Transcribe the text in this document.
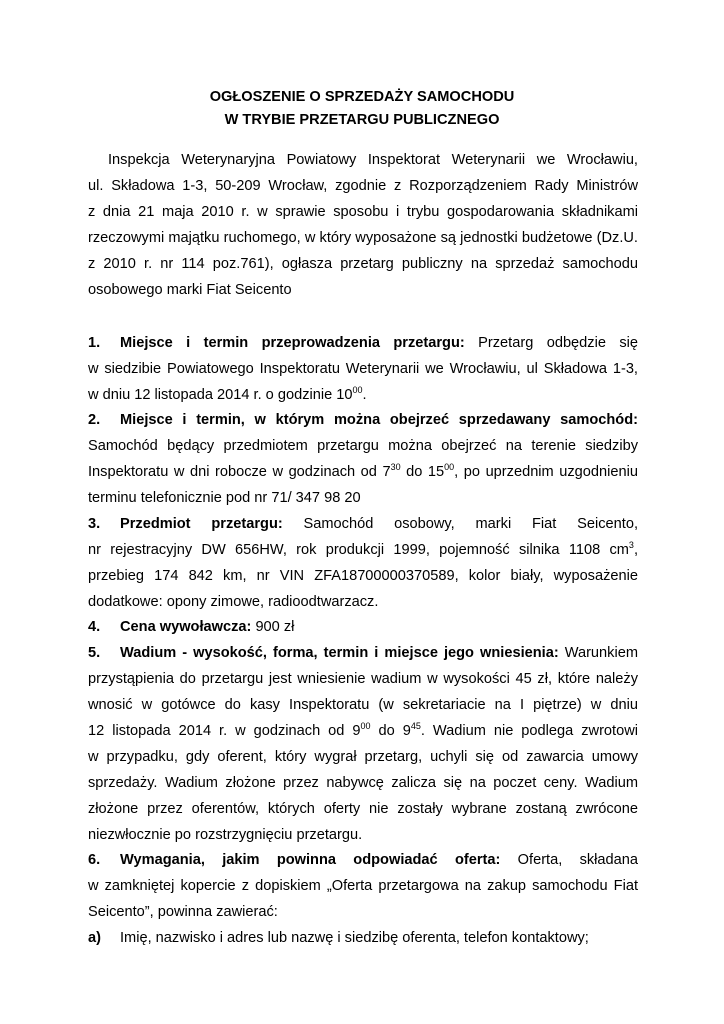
OGŁOSZENIE O SPRZEDAŻY SAMOCHODU
W TRYBIE PRZETARGU PUBLICZNEGO
Inspekcja Weterynaryjna Powiatowy Inspektorat Weterynarii we Wrocławiu,
ul. Składowa 1-3, 50-209 Wrocław, zgodnie z Rozporządzeniem Rady Ministrów
z dnia 21 maja 2010 r. w sprawie sposobu i trybu gospodarowania składnikami
rzeczowymi majątku ruchomego, w który wyposażone są jednostki budżetowe (Dz.U.
z 2010 r. nr 114 poz.761), ogłasza przetarg publiczny na sprzedaż samochodu
osobowego marki Fiat Seicento
1. Miejsce i termin przeprowadzenia przetargu: Przetarg odbędzie się
w siedzibie Powiatowego Inspektoratu Weterynarii we Wrocławiu, ul Składowa 1-3,
w dniu 12 listopada 2014 r. o godzinie $10^{00}$.
2. Miejsce i termin, w którym można obejrzeć sprzedawany samochód:
Samochód będący przedmiotem przetargu można obejrzeć na terenie siedziby
Inspektoratu w dni robocze w godzinach od $7^{30}$ do $15^{00}$, po uprzednim uzgodnieniu
terminu telefonicznie pod nr 71/ 347 98 20
3. Przedmiot przetargu: Samochód osobowy, marki Fiat Seicento,
nr rejestracyjny DW 656HW, rok produkcji 1999, pojemność silnika 1108 $cm^3$,
przebieg 174 842 km, nr VIN ZFA18700000370589, kolor biały, wyposażenie
dodatkowe: opony zimowe, radioodtwarzacz.
4. Cena wywoławcza: 900 zł
5. Wadium - wysokość, forma, termin i miejsce jego wniesienia: Warunkiem
przystąpienia do przetargu jest wniesienie wadium w wysokości 45 zł, które należy
wnosić w gotówce do kasy Inspektoratu (w sekretariacie na I piętrze) w dniu
12 listopada 2014 r. w godzinach od $9^{00}$ do $9^{45}$. Wadium nie podlega zwrotowi
w przypadku, gdy oferent, który wygrał przetarg, uchyli się od zawarcia umowy
sprzedaży. Wadium złożone przez nabywcę zalicza się na poczet ceny. Wadium
złożone przez oferentów, których oferty nie zostały wybrane zostaną zwrócone
niezwłocznie po rozstrzygnięciu przetargu.
6. Wymagania, jakim powinna odpowiadać oferta: Oferta, składana
w zamkniętej kopercie z dopiskiem „Oferta przetargowa na zakup samochodu Fiat
Seicento”, powinna zawierać:
a) Imię, nazwisko i adres lub nazwę i siedzibę oferenta, telefon kontaktowy;
